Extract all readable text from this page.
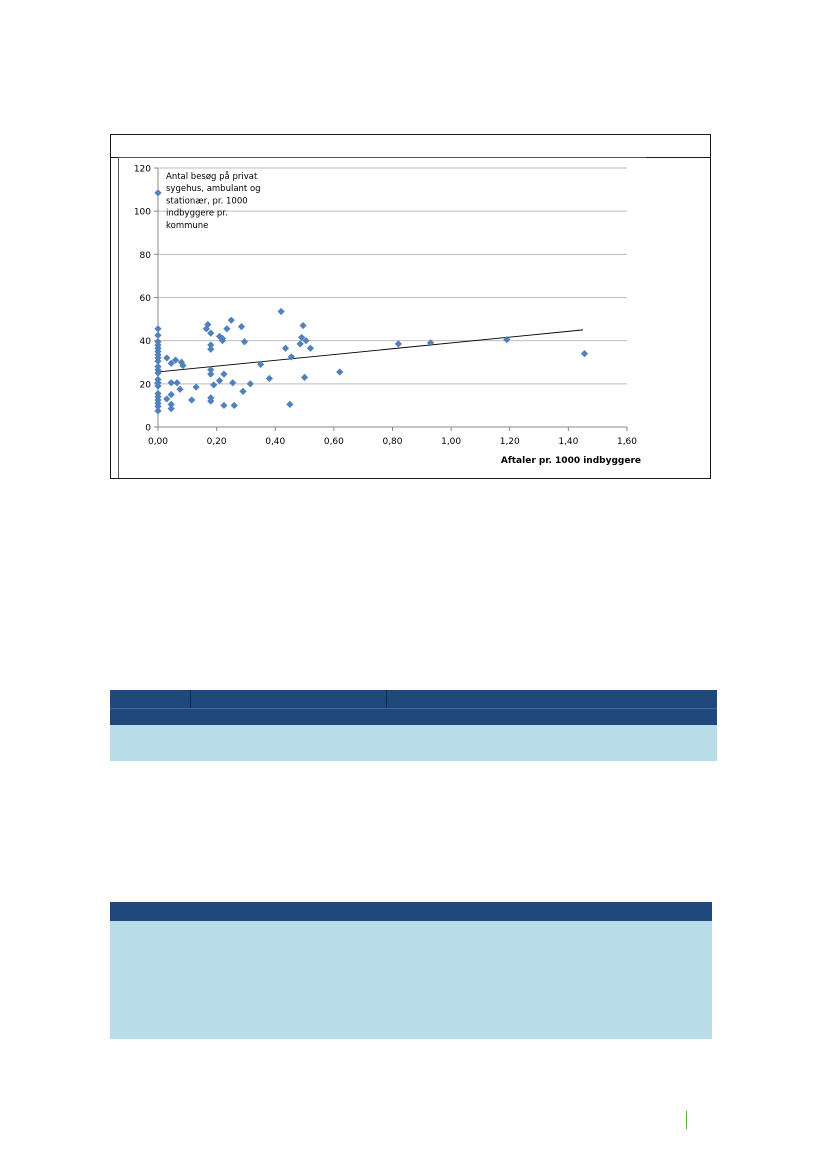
0
20
40
60
80
100
120
0,00	0,20	0,40	0,60	0,80	1,00	1,20	1,40	1,60
Antal besøg på privat
sygehus, ambulant og
stationær, pr. 1000
indbyggere pr.
kommune
Aftaler pr. 1000 indbyggere
